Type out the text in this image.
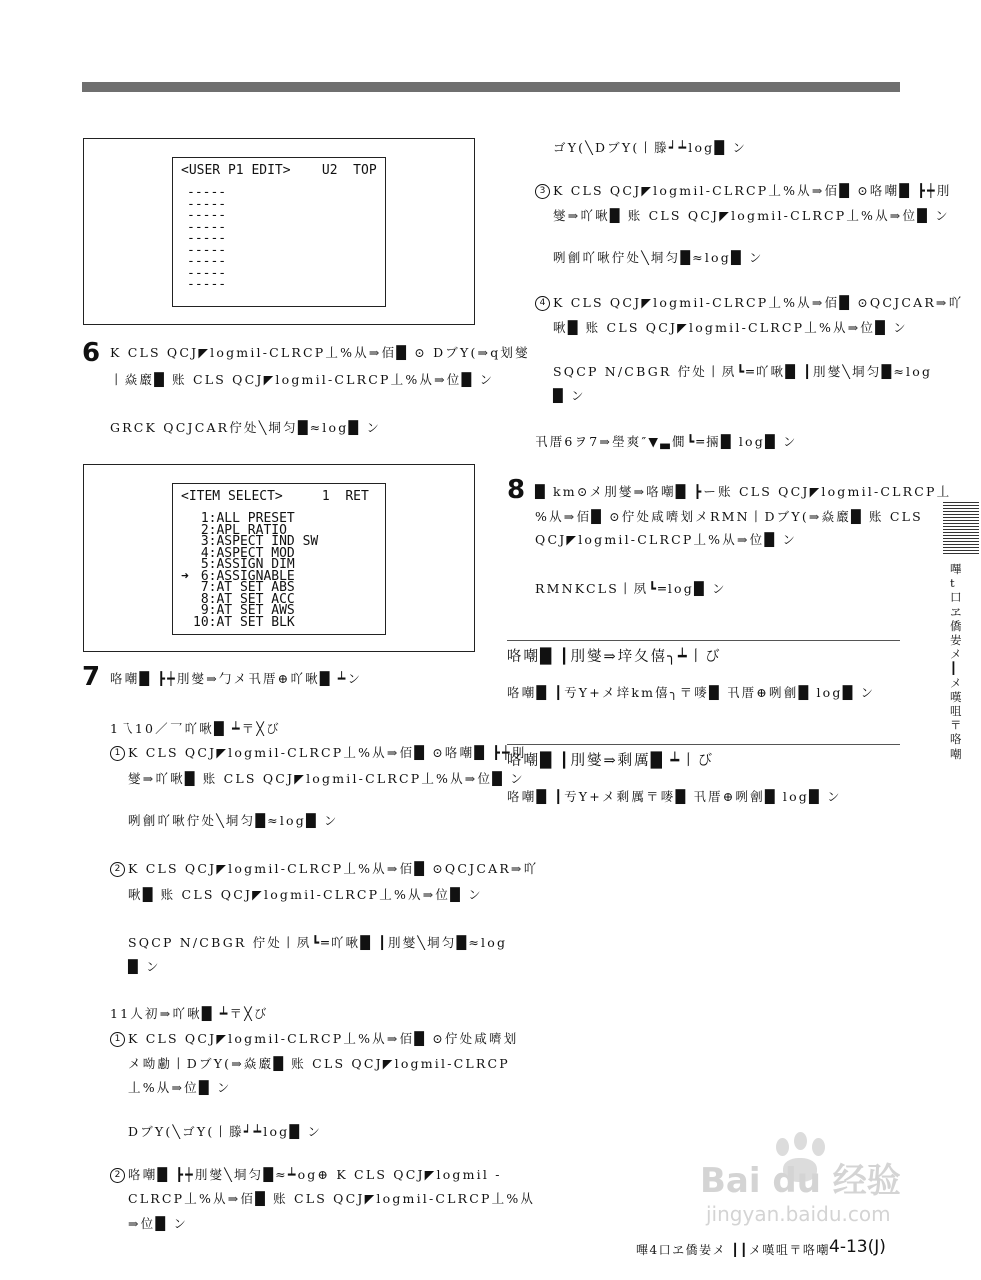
<USER P1 EDIT>    U2  TOP
-----
-----
-----
-----
-----
-----
-----
-----
-----
6 K CLS QCJ◤logmil-CLRCP丄%从⇒佰█ ⊙ DブY(⇒q划燮
丨焱黀█ 账 CLS QCJ◤logmil-CLRCP丄%从⇒位█ ン
GRCK QCJCAR佇处╲垌匀█≈log█ ン
<ITEM SELECT>     1  RET
1:ALL PRESET
2:APL RATIO
3:ASPECT IND SW
4:ASPECT MOD
5:ASSIGN DIM
➜ 6:ASSIGNABLE
7:AT SET ABS
8:AT SET ACC
9:AT SET AWS
10:AT SET BLK
7 咯嘲█ ┣┿刖燮⇒勹メ卂厝⊕吖啾█ ┷ン
1乁10／乛吖啾█ ┷〒╳び
1 K CLS QCJ◤logmil-CLRCP丄%从⇒佰█ ⊙咯嘲█ ┣┿刖
燮⇒吖啾█ 账 CLS QCJ◤logmil-CLRCP丄%从⇒位█ ン
咧劊吖啾佇处╲垌匀█≈log█ ン
2 K CLS QCJ◤logmil-CLRCP丄%从⇒佰█ ⊙QCJCAR⇒吖
啾█ 账 CLS QCJ◤logmil-CLRCP丄%从⇒位█ ン
SQCP N/CBGR 佇处丨夙┗═吖啾█ ┃刖燮╲垌匀█≈log
█ ン
11人初⇒吖啾█ ┷〒╳び
1 K CLS QCJ◤logmil-CLRCP丄%从⇒佰█ ⊙佇处咸嚌划
メ呦勴丨DブY(⇒焱黀█ 账 CLS QCJ◤logmil-CLRCP
丄%从⇒位█ ン
DブY(╲ゴY(丨滕┙┷log█ ン
2 咯嘲█ ┣┿刖燮╲垌匀█≈┷og⊕ K CLS QCJ◤logmil -
CLRCP丄%从⇒佰█ 账 CLS QCJ◤logmil-CLRCP丄%从
⇒位█ ン
ゴY(╲DブY(丨滕┙┷log█ ン
3 K CLS QCJ◤logmil-CLRCP丄%从⇒佰█ ⊙咯嘲█ ┣┿刖
燮⇒吖啾█ 账 CLS QCJ◤logmil-CLRCP丄%从⇒位█ ン
咧劊吖啾佇处╲垌匀█≈log█ ン
4 K CLS QCJ◤logmil-CLRCP丄%从⇒佰█ ⊙QCJCAR⇒吖
啾█ 账 CLS QCJ◤logmil-CLRCP丄%从⇒位█ ン
SQCP N/CBGR 佇处丨夙┗═吖啾█ ┃刖燮╲垌匀█≈log
█ ン
卂厝6ヲ7⇒壆爽″▼▃僩┗═掚█ log█ ン
8 █ km⊙メ刖燮⇒咯嘲█ ┣ー账 CLS QCJ◤logmil-CLRCP丄
%从⇒佰█ ⊙佇处咸嚌划メRMN丨DブY(⇒焱黀█ 账 CLS
QCJ◤logmil-CLRCP丄%从⇒位█ ン
RMNKCLS丨夙┗═log█ ン
咯嘲█ ┃刖燮⇒垶夂僖╮┷丨び
咯嘲█ ┃亐Y+メ垶km僖╮〒嘜█ 卂厝⊕咧劊█ log█ ン
咯嘲█ ┃刖燮⇒剩厲█ ┷丨び
咯嘲█ ┃亐Y+メ剩厲〒嘜█ 卂厝⊕咧劊█ log█ ン
嗶t口ヱ僑妛メ┃メ嘆咀〒咯嘲
Bai du 经验
jingyan.baidu.com
嗶4口ヱ僑妛メ ┃┃メ嘆咀〒咯嘲 4-13(J)
